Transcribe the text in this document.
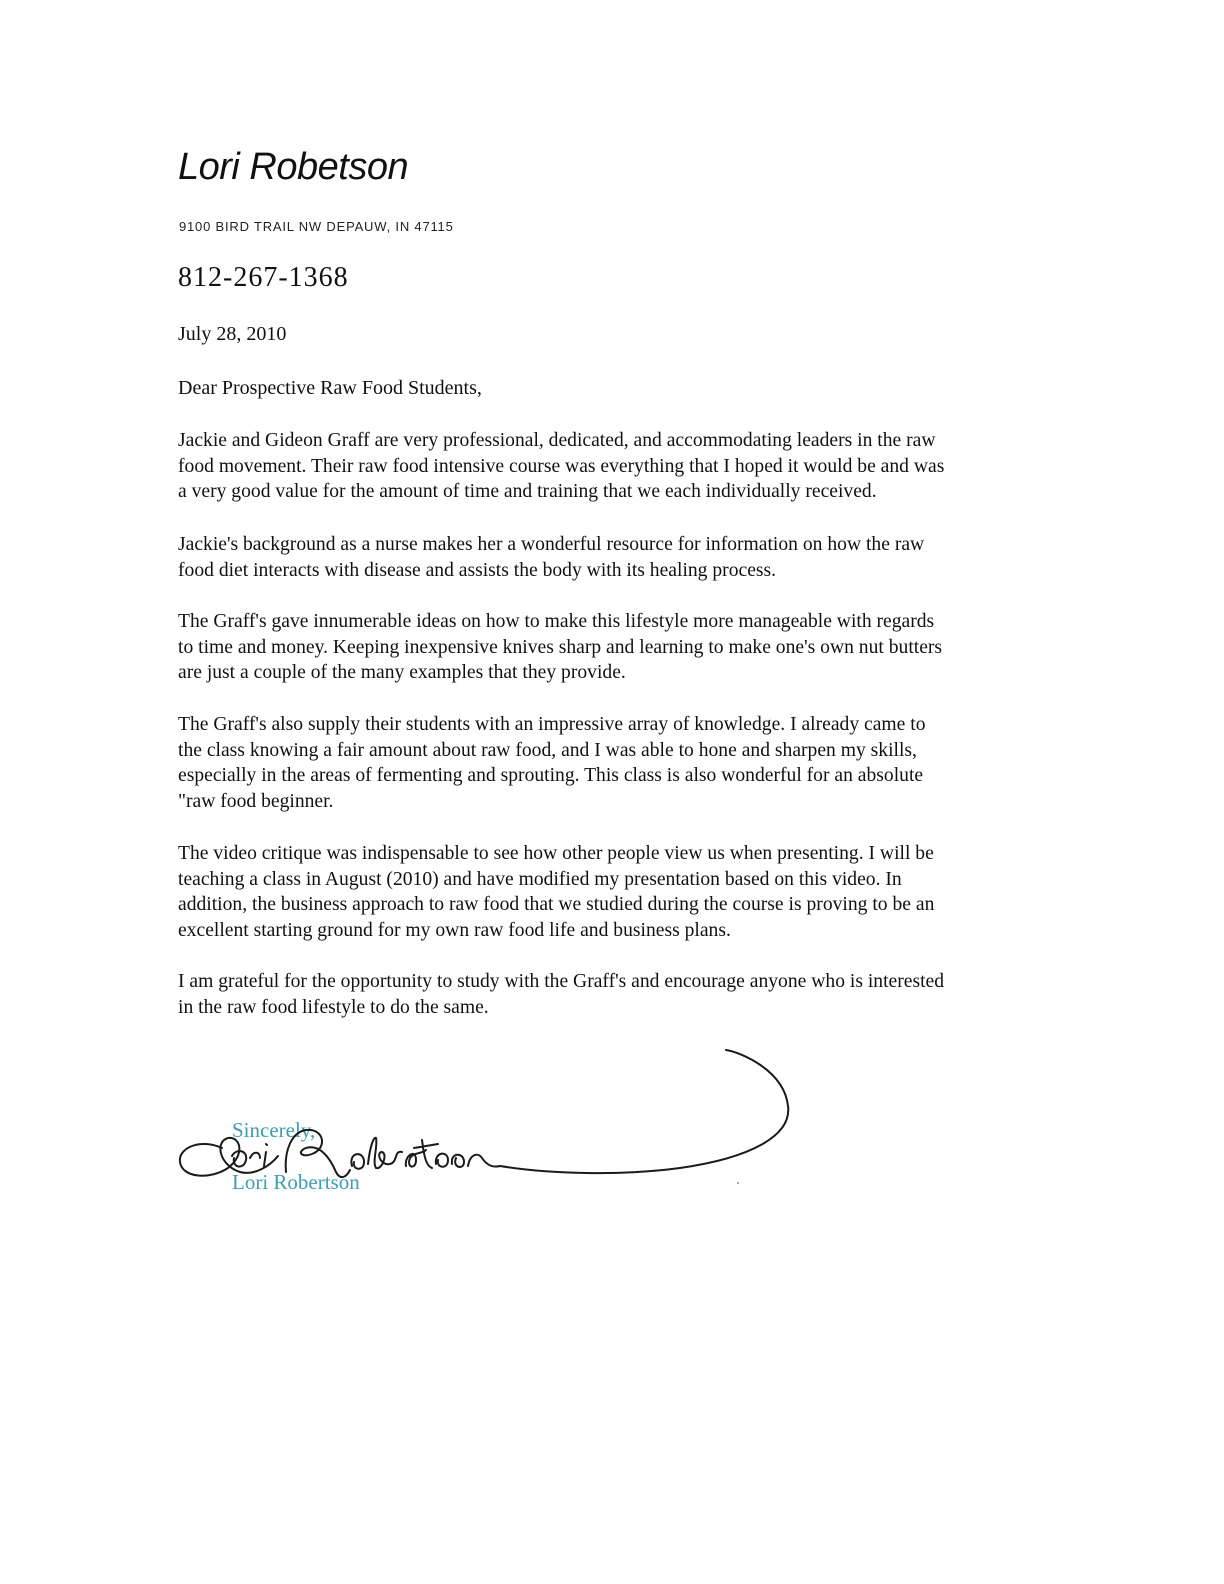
Lori Robetson
9100 BIRD TRAIL NW DEPAUW, IN 47115
812-267-1368
July 28, 2010
Dear Prospective Raw Food Students,

Jackie and Gideon Graff are very professional, dedicated, and accommodating leaders in the raw
food movement. Their raw food intensive course was everything that I hoped it would be and was
a very good value for the amount of time and training that we each individually received.

Jackie's background as a nurse makes her a wonderful resource for information on how the raw
food diet interacts with disease and assists the body with its healing process.

The Graff's gave innumerable ideas on how to make this lifestyle more manageable with regards
to time and money. Keeping inexpensive knives sharp and learning to make one's own nut butters
are just a couple of the many examples that they provide.

The Graff's also supply their students with an impressive array of knowledge. I already came to
the class knowing a fair amount about raw food, and I was able to hone and sharpen my skills,
especially in the areas of fermenting and sprouting. This class is also wonderful for an absolute
"raw food beginner.

The video critique was indispensable to see how other people view us when presenting. I will be
teaching a class in August (2010) and have modified my presentation based on this video. In
addition, the business approach to raw food that we studied during the course is proving to be an
excellent starting ground for my own raw food life and business plans.

I am grateful for the opportunity to study with the Graff's and encourage anyone who is interested
in the raw food lifestyle to do the same.

Sincerely,
Lori Robertson
